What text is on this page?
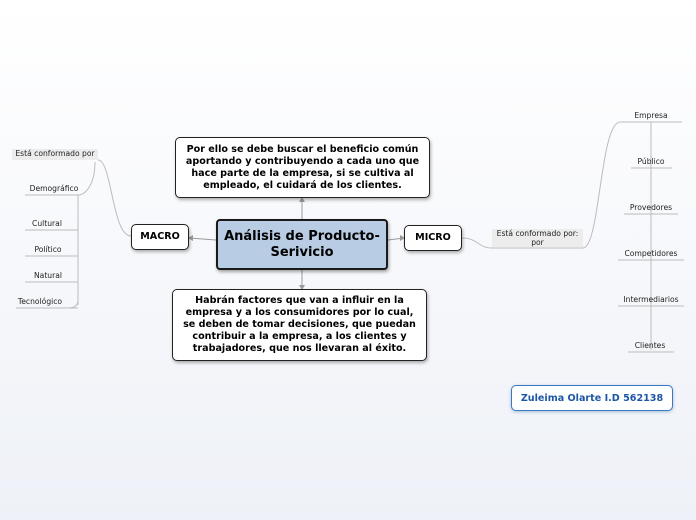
Análisis de Producto-Serivicio
Por ello se debe buscar el beneficio común aportando y contribuyendo a cada uno que hace parte de la empresa, si se cultiva al empleado, el cuidará de los clientes.
Habrán factores que van a influir en la empresa y a los consumidores por lo cual, se deben de tomar decisiones, que puedan contribuir a la empresa, a los clientes y trabajadores, que nos llevaran al éxito.
MACRO	MICRO
Está conformado por
Demográfico
Cultural
Político
Natural
Tecnológico
Está conformado por: por
Empresa
Público
Provedores
Competidores
Intermediarios
Clientes
Zuleima Olarte I.D 562138
